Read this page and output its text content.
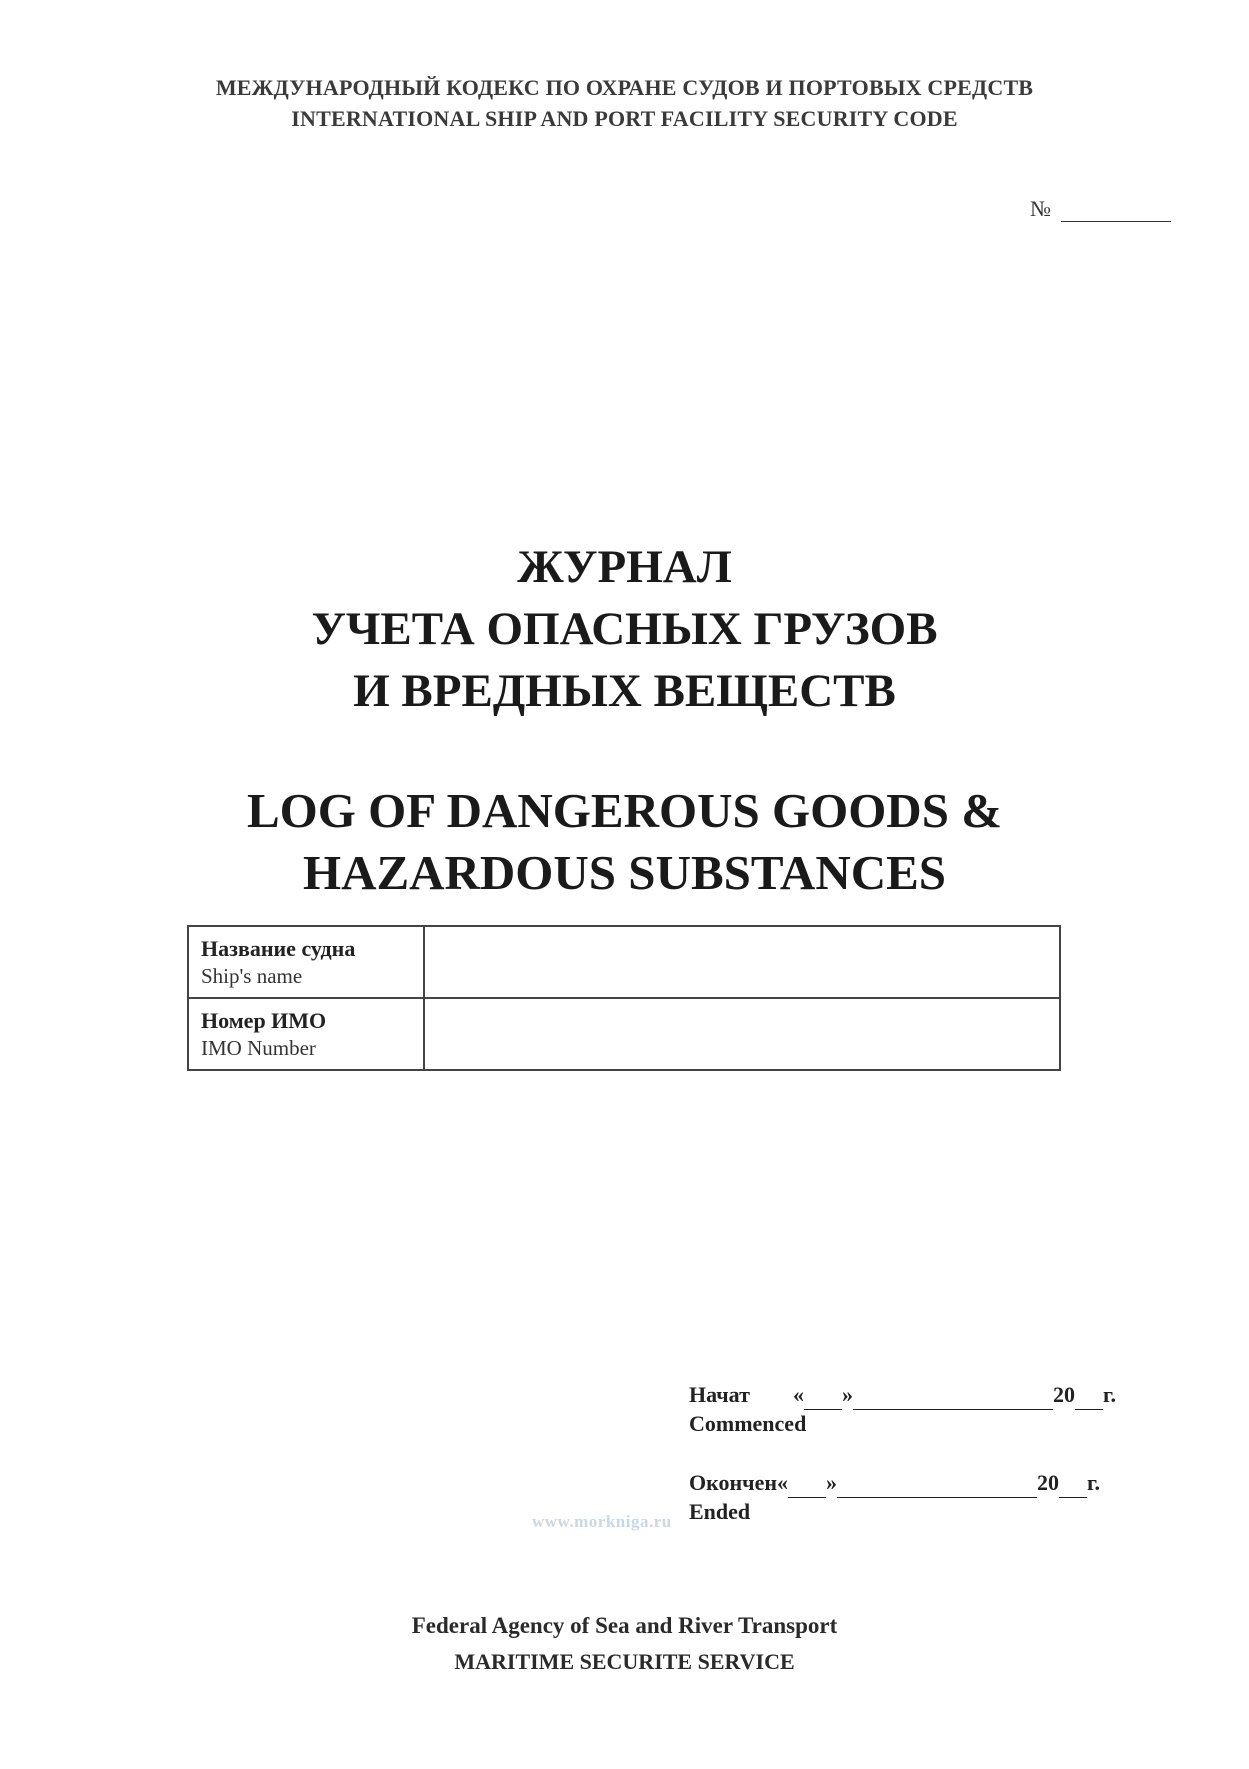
МЕЖДУНАРОДНЫЙ КОДЕКС ПО ОХРАНЕ СУДОВ И ПОРТОВЫХ СРЕДСТВ
INTERNATIONAL SHIP AND PORT FACILITY SECURITY CODE
№
ЖУРНАЛ
УЧЕТА ОПАСНЫХ ГРУЗОВ
И ВРЕДНЫХ ВЕЩЕСТВ
LOG OF DANGEROUS GOODS &
HAZARDOUS SUBSTANCES
Название судна
Ship's name	

Номер ИМО
IMO Number	

Начат	« »	20 г.
Commenced
Окончен « »	20 г.
Ended
www.morkniga.ru
Federal Agency of Sea and River Transport
MARITIME SECURITE SERVICE
